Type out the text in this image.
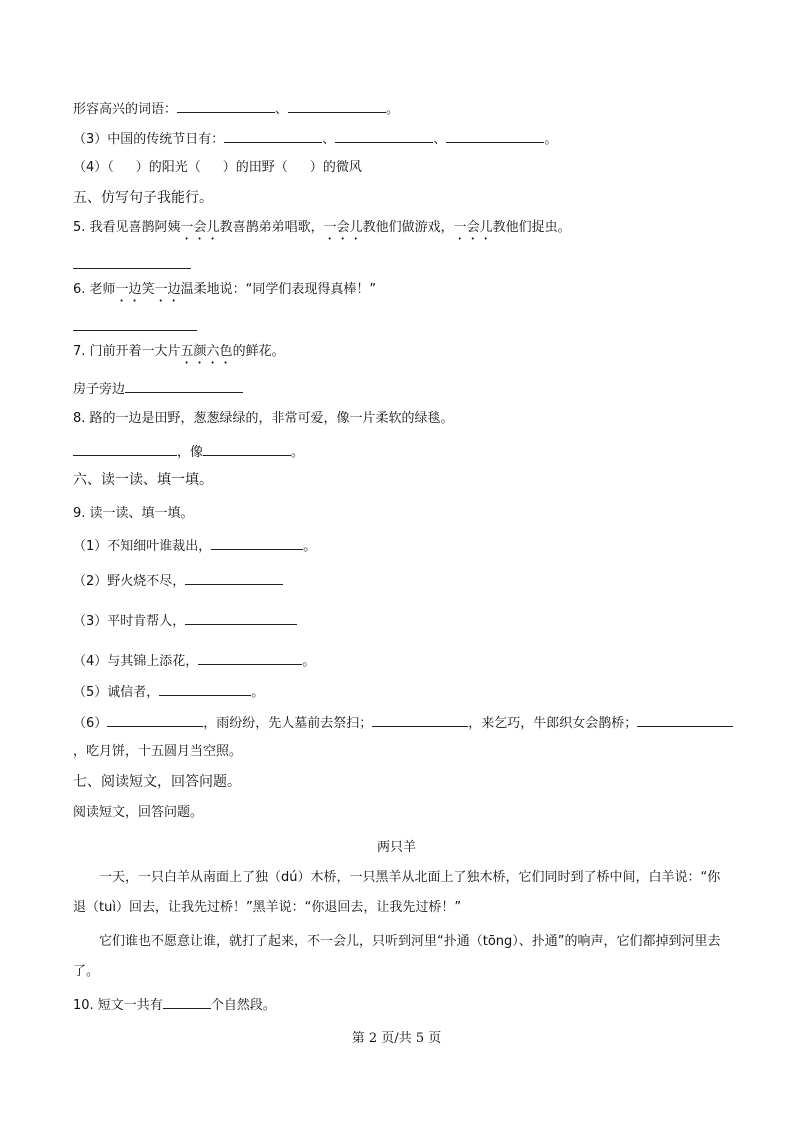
形容高兴的词语：	、	。
（3）中国的传统节日有：	、	、	。
（4）（ ）的阳光（ ）的田野（ ）的微风
五、仿写句子我能行。
5. 我看见喜鹊阿姨一会儿教喜鹊弟弟唱歌，一会儿教他们做游戏，一会儿教他们捉虫。
6. 老师一边笑一边温柔地说：“同学们表现得真棒！”
7. 门前开着一大片五颜六色的鲜花。
房子旁边
8. 路的一边是田野，葱葱绿绿的，非常可爱，像一片柔软的绿毯。
，像	。
六、读一读、填一填。
9. 读一读、填一填。
（1）不知细叶谁裁出，	。
（2）野火烧不尽，
（3）平时肯帮人，
（4）与其锦上添花，	。
（5）诚信者，	。
（6）	，雨纷纷，先人墓前去祭扫；	，来乞巧，牛郎织女会鹊桥；
，吃月饼，十五圆月当空照。
七、阅读短文，回答问题。
阅读短文，回答问题。
两只羊
一天，一只白羊从南面上了独（dú）木桥，一只黑羊从北面上了独木桥，它们同时到了桥中间，白羊说：“你退（tuì）回去，让我先过桥！”黑羊说：“你退回去，让我先过桥！”
它们谁也不愿意让谁，就打了起来，不一会儿，只听到河里“扑通（tōng）、扑通”的响声，它们都掉到河里去了。
10. 短文一共有	个自然段。
第 2 页/共 5 页
